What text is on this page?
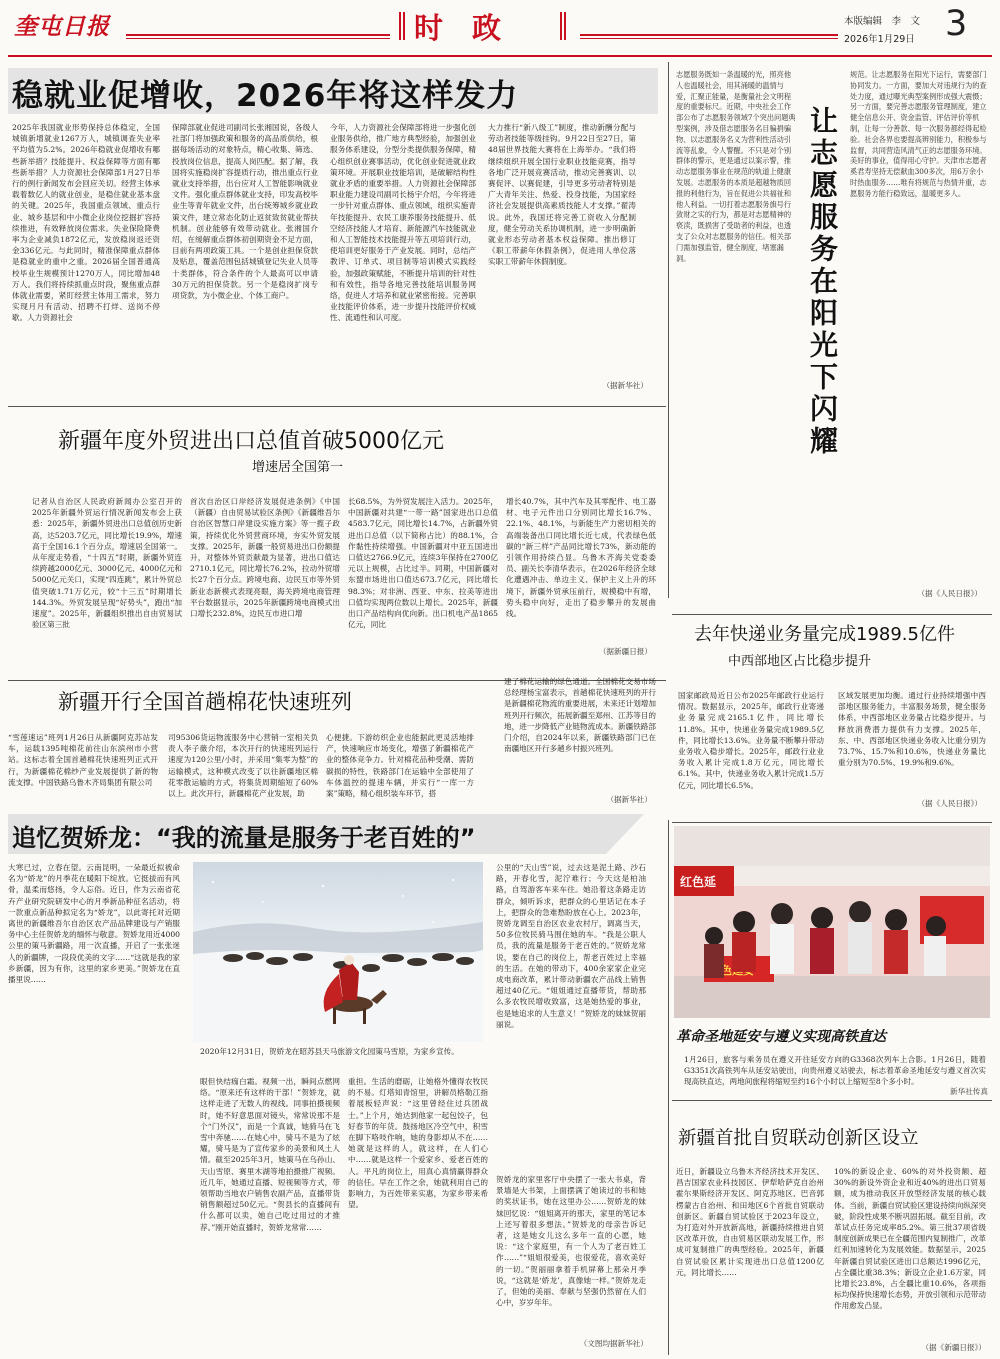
奎屯日报	时　政	本版编辑　李　文
2026年1月29日 3
稳就业促增收，2026年将这样发力
2025年我国就业形势保持总体稳定，全国城镇新增就业1267万人，城镇调查失业率平均值为5.2%。2026年稳就业促增收有哪些新举措？技能提升、权益保障等方面有哪些新举措？人力资源社会保障部1月27日举行的例行新闻发布会回应关切。经营主体承载着数亿人的就业创业，是稳住就业基本盘的关键。2025年，我国重点领域、重点行业、城乡基层和中小微企业岗位挖掘扩容持续推进，有效释放岗位需求。失业保险降费率为企业减负1872亿元，发放稳岗返还资金336亿元。与此同时，精准保障重点群体是稳就业的重中之重。2026届全国普通高校毕业生规模预计1270万人，同比增加48万人。我们将持续抓重点时段，聚焦重点群体就业需要，紧盯经营主体用工需求，努力实现月月有活动、招聘不打烊、送岗不停歇。人力资源社会
保障部就业促进司副司长张湘国说，各级人社部门将加强政策和服务的高品质供给，根据每场活动的对象特点，精心收集、筛选、投放岗位信息，提高人岗匹配。据了解，我国将实施稳岗扩容提质行动，推出重点行业就业支持举措，出台应对人工智能影响就业文件。强化重点群体就业支持，印发高校毕业生等青年就业文件，出台统筹城乡就业政策文件，建立常态化防止返贫致贫就业帮扶机制。创业能够有效带动就业。张湘国介绍，在缓解重点群体初创期资金不足方面，目前有两项政策工具。一个是创业担保贷款及贴息，覆盖范围包括城镇登记失业人员等十类群体，符合条件的个人最高可以申请30万元的担保贷款。另一个是稳岗扩岗专项贷款，为小微企业、个体工商户。
今年，人力资源社会保障部将进一步强化创业服务供给，推广地方典型经验，加强创业服务体系建设，分型分类提供服务保障，精心组织创业赛事活动，优化创业促进就业政策环境。开展职业技能培训，是破解结构性就业矛盾的重要举措。人力资源社会保障部职业能力建设司副司长杨宇介绍，今年将进一步针对重点群体、重点领域，组织实施青年技能提升、农民工康养服务技能提升、低空经济技能人才培育、新能源汽车技能就业和人工智能技术技能提升等五项培训行动，使培训更好服务于产业发展。同时，总结产教评、订单式、项目制等培训模式实践经验，加强政策赋能，不断提升培训的针对性和有效性，指导各地完善技能培训服务网络，促进人才培养和就业紧密衔接。完善职业技能评价体系，进一步提升技能评价权威性、流通性和认可度。
大力推行“新八级工”制度，推动新酬分配与劳动者技能等级挂钩。9月22日至27日，第48届世界技能大赛将在上海举办。“我们将继续组织开展全国行业职业技能竞赛，指导各地广泛开展竞赛活动，推动完善赛训、以赛促评、以赛促建，引导更多劳动者特别是广大青年关注、热爱、投身技能，为国家经济社会发展提供高素质技能人才支撑。”翟涛说。此外，我国还将完善工资收入分配制度，健全劳动关系协调机制，进一步明确新就业形态劳动者基本权益保障。推出修订《职工带薪年休假条例》，促进用人单位落实职工带薪年休假制度。
（据新华社）
志愿服务既如一条温暖的光，照亮他人也温暖社会，用其涌暖的温情与爱，汇聚正能量，是衡量社会文明程度的重要标尺。近期，中央社会工作部公布了志愿服务领域7个突出问题典型案例，涉及借志愿服务名目骗捐骗物、以志愿服务名义为营利性活动引流等乱象，令人警醒。不只是对个别群体的警示，更是通过以案示警，推动志愿服务事业在规范的轨道上健康发展。志愿服务的本质是超越物质回报的利他行为，旨在促进公共福祉和他人利益。一切打着志愿服务旗号行敛财之实的行为，都是对志愿精神的亵渎，既损害了受助者的利益，也透支了公众对志愿服务的信任。相关部门需加强监管，健全制度，堵塞漏洞。	让志愿服务在阳光下闪耀
规范。让志愿服务在阳光下运行，需要部门协同发力。一方面，要加大对违规行为的查处力度，通过曝光典型案例形成强大震慑；另一方面，要完善志愿服务管理制度，建立健全信息公开、资金监管、评估评价等机制，让每一分善款、每一次服务都经得起检验。社会各界也要提高辨别能力，积极参与监督，共同营造风清气正的志愿服务环境。美好的事业，值得用心守护。天津市志愿者奚君寿坚持无偿献血300多次，用6万余小时热血服务……唯有将规范与热情并重，志愿服务方能行稳致远，温暖更多人。
（据《人民日报》）
新疆年度外贸进出口总值首破5000亿元
增速居全国第一
记者从自治区人民政府新闻办公室召开的2025年新疆外贸运行情况新闻发布会上获悉：2025年，新疆外贸进出口总值创历史新高，达5203.7亿元，同比增长19.9%，增速高于全国16.1个百分点，增速居全国第一。从年度走势看，“十四五”时期，新疆外贸连续跨越2000亿元、3000亿元、4000亿元和5000亿元关口，实现“四连跳”，累计外贸总值突破1.71万亿元，较“十三五”时期增长144.3%。外贸发展呈现“好势头”，跑出“加速度”。2025年，新疆组织推出自由贸易试验区第三批
首次自治区口岸经济发展促进条例》《中国（新疆）自由贸易试验区条例》《新疆维吾尔自治区智慧口岸建设实施方案》等一揽子政策，持续优化外贸营商环境，夯实外贸发展支撑。2025年，新疆一般贸易进出口份额提升，对整体外贸贡献最为显著，进出口值达2710.1亿元，同比增长76.2%，拉动外贸增长27个百分点。跨境电商、边民互市等外贸新业态新模式表现亮眼，海关跨境电商管理平台数据显示，2025年新疆跨境电商模式出口增长232.8%，边民互市进口增
长68.5%，为外贸发展注入活力。2025年，中国新疆对共建“一带一路”国家进出口总值4583.7亿元，同比增长14.7%，占新疆外贸进出口总值（以下简称占比）的88.1%，合作黏性持续增强。中国新疆对中亚五国进出口值达2766.9亿元，连续3年保持在2700亿元以上规模，占比过半。同期，中国新疆对东盟市场进出口值达673.7亿元，同比增长98.3%；对非洲、西亚、中东、拉美等进出口值均实现两位数以上增长。2025年，新疆出口产品结构向优向新。出口机电产品1865亿元，同比
增长40.7%，其中汽车及其零配件、电工器材、电子元件出口分别同比增长16.7%、22.1%、48.1%，与新能生产力密切相关的高端装备出口同比增长近七成，代表绿色低碳的“新三样”产品同比增长73%，新动能的引领作用持续凸显。乌鲁木齐海关党委委员、副关长李清华表示，在2026年经济全球化遭遇冲击、单边主义、保护主义上升的环境下，新疆外贸承压前行，规模稳中有增，势头稳中向好，走出了稳步攀升的发展曲线。
（据新疆日报）
新疆开行全国首趟棉花快速班列
“雪莲速运”班列1月26日从新疆阿克苏站发车，运载1395吨棉花前往山东滨州市小营站。这标志着全国首趟棉花快速班列正式开行，为新疆棉花棉纱产业发展提供了新的物流支撑。中国铁路乌鲁木齐局集团有限公司
司95306货运物流服务中心营销一室相关负责人李子薇介绍，本次开行的快速班列运行速度为120公里/小时，并采用“集零为整”的运输模式，这种模式改变了以往新疆地区棉花零散运输的方式，将集货周期缩短了60%以上。此次开行，新疆棉花产业发展，助
心便捷。下游纺织企业也能据此更灵活地排产，快速响应市场变化，增强了新疆棉花产业的整体竞争力。针对棉花品种受潮、需防碳损的特性，铁路部门在运输中全部使用了车体温控的提速车辆，并实行“一库一方案”策略，精心组织装车环节，搭
建了棉花运输的绿色通道。全国棉花交易市场总经理杨宝富表示，首趟棉花快速班列的开行是新疆棉花物流的重要进展，未来还计划增加班列开行频次，拓展新疆至郑州、江苏等目的地，进一步降低产业链物流成本。新疆铁路部门介绍，自2024年以来，新疆铁路部门已在南疆地区开行多趟乡村振兴班列。
（据新华社）
去年快递业务量完成1989.5亿件
中西部地区占比稳步提升
国家邮政局近日公布2025年邮政行业运行情况。数据显示，2025年，邮政行业寄递业务量完成2165.1亿件，同比增长11.8%。其中，快递业务量完成1989.5亿件，同比增长13.6%。业务量不断攀升带动业务收入稳步增长。2025年，邮政行业业务收入累计完成1.8万亿元，同比增长6.1%。其中，快递业务收入累计完成1.5万亿元，同比增长6.5%。
区域发展更加均衡。通过行业持续增强中西部地区服务能力，丰富服务场景，健全服务体系，中西部地区业务量占比稳步提升。与释放消费潜力提供有力支撑。2025年，东、中、西部地区快递业务收入比重分别为73.7%、15.7%和10.6%，快递业务量比重分别为70.5%、19.9%和9.6%。
（据《人民日报》）
追忆贺娇龙：“我的流量是服务于老百姓的”
2020年12月31日，贺娇龙在昭苏县天马旅游文化园策马雪原，为家乡宣传。
大寒已过，立春在望。云南昆明，一朵最近拟被命名为“娇龙”的月季花在暖阳下绽放。它挺拔而有风骨，温柔而悠扬，令人忘俗。近日，作为云南省花卉产业研究院研发中心的月季新品种征名活动，将一款重点新品种拟定名为“娇龙”，以此寄托对近期离世的新疆维吾尔自治区农产品品牌建设与产销服务中心主任贺娇龙的缅怀与敬意。贺娇龙用近4000公里的策马新疆路，用一次直播，开启了一张张迷人的新疆牌，一段段优美的文字……“这就是我的家乡新疆，因为有你，这里的家乡更美。”贺娇龙在直播里说……
眼但快结痂白霜。视频一出，瞬间点燃网络。“原来还有这样的干部！”贺娇龙，就这样走进了无数人的视线。同事拍摄视频时，她不好意思面对镜头，常常说那不是个“门外汉”，而是一个真诚，她骑马在飞雪中奔驰……在她心中，骑马不是为了炫耀，骑马是为了宣传家乡的美景和风土人情。截至2025年3月，她策马在乌孙山、天山雪原、赛里木湖等地拍摄推广视频。近几年，她通过直播、短视频等方式，带领帮助当地农户销售农副产品，直播带货销售额超过50亿元。“贺县长的直播间有什么都可以卖，她自己吃过用过的才推荐。”刚开始直播时，贺娇龙常常……
重担。生活的磨砺，让她格外懂得农牧民的不易。灯塔知青馆里，讲解员格勒江指着展板轻声说：“这里曾经住过兵团战士。”上个月，她达到他家一起包饺子，包好春节的年货。鼓扬地区冷空气中，积雪在脚下咯吱作响，她的身影却从不在……她就是这样的人，就这样，在人们心中……就是这样一个爱家乡、爱老百姓的人。平凡的岗位上，用真心真情赢得群众的信任。早在工作之余，她就利用自己的影响力，为百姓带来实惠，为家乡带来希望。
公里的“天山雪”说，过去这是泥土路、沙石路，开春化雪，泥泞难行；今天这是柏油路，自驾游客车来车往。她沿着这条路走访群众，倾听诉求，把群众的心里话记在本子上，把群众的急难愁盼放在心上。2023年，贺娇龙调至自治区农业农村厅，调离当天，50多位牧民骑马围住她的车。“我是公职人员，我的流量是服务于老百姓的。”贺娇龙常说，要在自己的岗位上，帮老百姓过上幸福的生活。在她的带动下，400余家家企业完成电商改革，累计带动新疆农产品线上销售超过40亿元。“姐姐通过直播带货，帮助那么多农牧民增收致富，这是她热爱的事业，也是她追求的人生意义！”贺娇龙的妹妹贺丽丽说。
贺娇龙的家里客厅中央摆了一张大书桌，背景墙是大书架，上面摆满了她读过的书和她的奖状证书，她在这里办公……贺娇龙的妹妹回忆说：“姐姐离开的那天，家里的笔记本上还写着很多想法。”贺娇龙的母亲告诉记者，这是她女儿这么多年一直的心愿，她说：“这个家庭里，有一个人为了老百姓工作……”“姐姐很爱美，也很爱花，喜欢美好的一切。”贺丽丽拿着手机屏幕上那朵月季说，“这就是‘娇龙’，真像她一样。”贺娇龙走了，但她的美丽、奉献与坚强仍然留在人们心中，岁岁年年。
（文图均据新华社）
红色延
革命圣地延安与遵义实现高铁直达
1月26日，旅客与乘务员在遵义开往延安方向的G3368次列车上合影。1月26日，随着G3351次高铁列车从延安站驶出，向贵州遵义站驶去，标志着革命圣地延安与遵义首次实现高铁直达，两地间旅程将缩短至约16个小时以上缩短至8个多小时。
新华社传真
新疆首批自贸联动创新区设立
近日，新疆设立乌鲁木齐经济技术开发区、昌吉国家农业科技园区、伊犁哈萨克自治州霍尔果斯经济开发区、阿克苏地区、巴音郭楞蒙古自治州、和田地区6个首批自贸联动创新区。新疆自贸试验区于2023年设立，为打造对外开放新高地，新疆持续推进自贸区改革开放，自由贸易区联动发展工作，形成可复制推广的典型经验。2025年，新疆自贸试验区累计实现进出口总值1200亿元，同比增长……
10%的新设企业、60%的对外投资额、超30%的新设外资企业和近40%的进出口贸易额，成为推动我区开放型经济发展的核心载体。当前，新疆自贸试验区建设持续向纵深突破，阶段性成果不断巩固拓展。截至目前，改革试点任务完成率85.2%。第三批37项省级制度创新成果已在全疆范围内复制推广，改革红利加速转化为发展效能。数据显示，2025年新疆自贸试验区进出口总额达1996亿元，占全疆比重38.3%；新设立企业1.6万家，同比增长23.8%，占全疆比重10.6%，各项指标均保持快速增长态势，开放引领和示范带动作用愈发凸显。
（据《新疆日报》）
